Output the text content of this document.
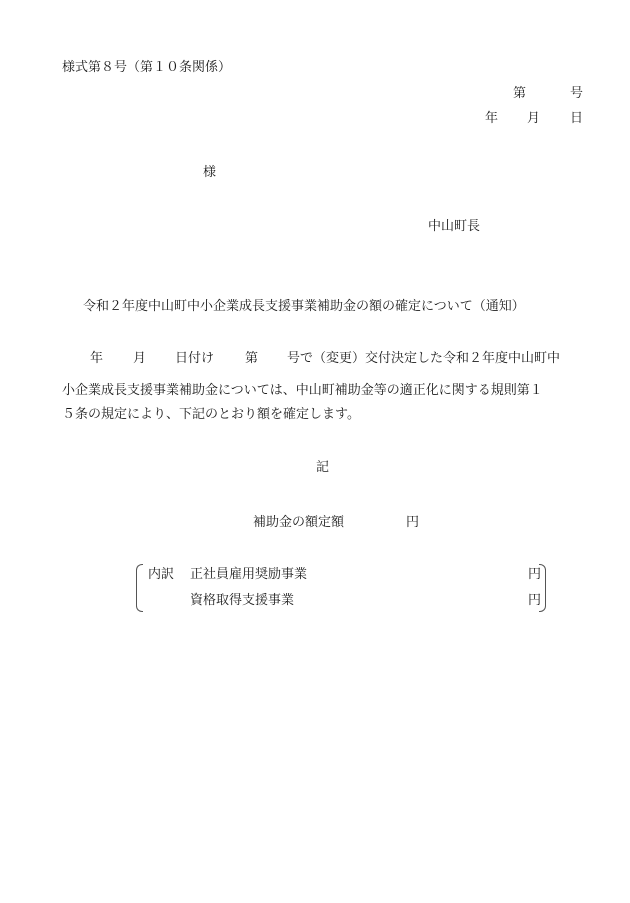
様式第８号（第１０条関係）
第	号
年 月 日
様
中山町長
令和２年度中山町中小企業成長支援事業補助金の額の確定について（通知）
年 月 日付け 第 号で（変更）交付決定した令和２年度中山町中
小企業成長支援事業補助金については、中山町補助金等の適正化に関する規則第１
５条の規定により、下記のとおり額を確定します。
記
補助金の額定額	円
内訳 正社員雇用奨励事業	円
資格取得支援事業	円
